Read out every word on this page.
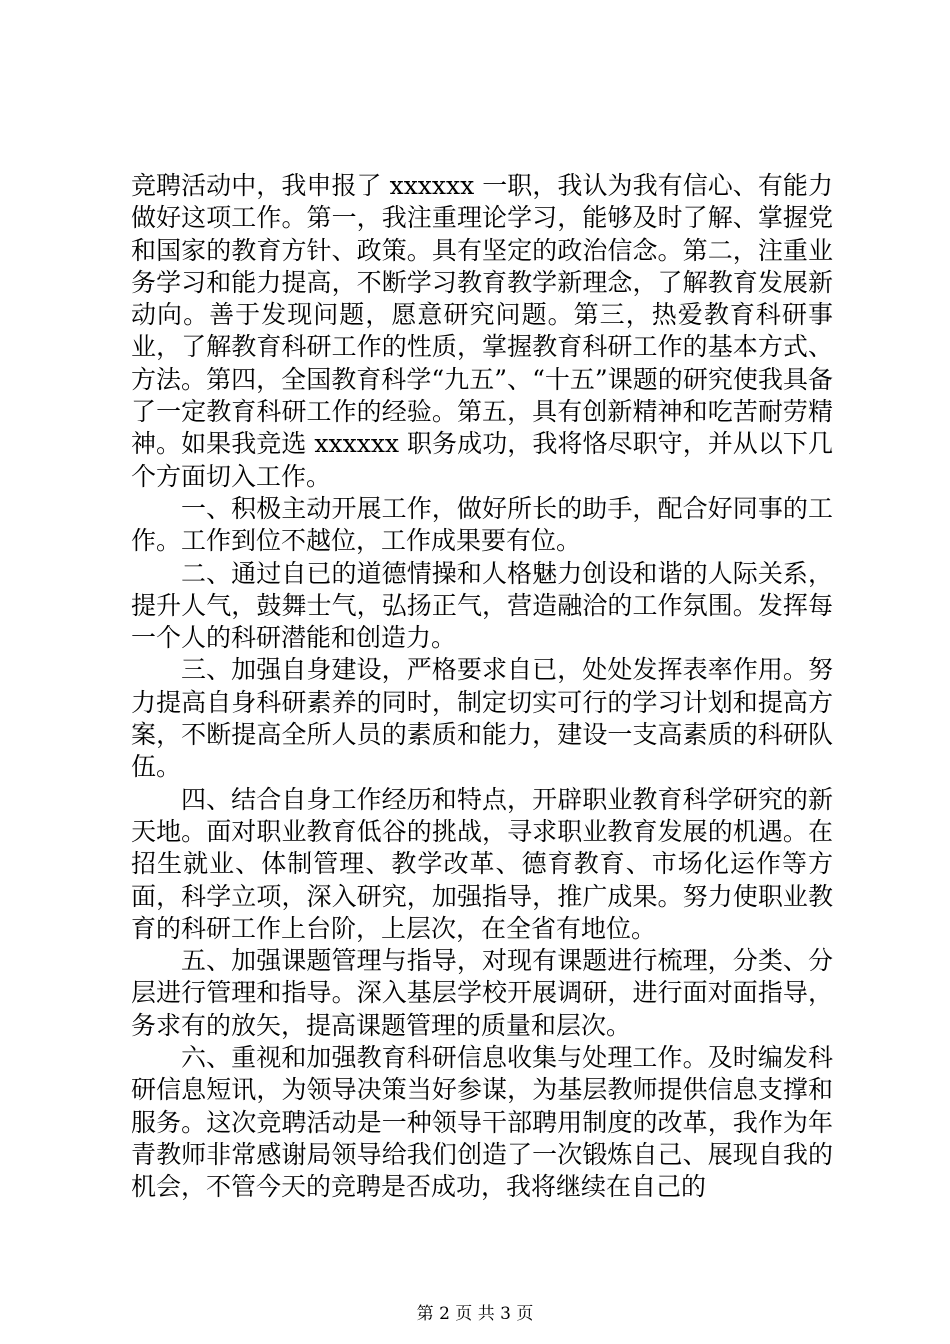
竞聘活动中，我申报了 xxxxxx 一职，我认为我有信心、有能力做好这项工作。第一，我注重理论学习，能够及时了解、掌握党和国家的教育方针、政策。具有坚定的政治信念。第二，注重业务学习和能力提高，不断学习教育教学新理念，了解教育发展新动向。善于发现问题，愿意研究问题。第三，热爱教育科研事业，了解教育科研工作的性质，掌握教育科研工作的基本方式、方法。第四，全国教育科学“九五”、“十五”课题的研究使我具备了一定教育科研工作的经验。第五，具有创新精神和吃苦耐劳精神。如果我竞选 xxxxxx 职务成功，我将恪尽职守，并从以下几个方面切入工作。

一、积极主动开展工作，做好所长的助手，配合好同事的工作。工作到位不越位，工作成果要有位。

二、通过自已的道德情操和人格魅力创设和谐的人际关系，提升人气，鼓舞士气，弘扬正气，营造融洽的工作氛围。发挥每一个人的科研潜能和创造力。

三、加强自身建设，严格要求自已，处处发挥表率作用。努力提高自身科研素养的同时，制定切实可行的学习计划和提高方案，不断提高全所人员的素质和能力，建设一支高素质的科研队伍。

四、结合自身工作经历和特点，开辟职业教育科学研究的新天地。面对职业教育低谷的挑战，寻求职业教育发展的机遇。在招生就业、体制管理、教学改革、德育教育、市场化运作等方面，科学立项，深入研究，加强指导，推广成果。努力使职业教育的科研工作上台阶，上层次，在全省有地位。

五、加强课题管理与指导，对现有课题进行梳理，分类、分层进行管理和指导。深入基层学校开展调研，进行面对面指导，务求有的放矢，提高课题管理的质量和层次。

六、重视和加强教育科研信息收集与处理工作。及时编发科研信息短讯，为领导决策当好参谋，为基层教师提供信息支撑和服务。这次竞聘活动是一种领导干部聘用制度的改革，我作为年青教师非常感谢局领导给我们创造了一次锻炼自己、展现自我的机会，不管今天的竞聘是否成功，我将继续在自己的

第 2 页 共 3 页
